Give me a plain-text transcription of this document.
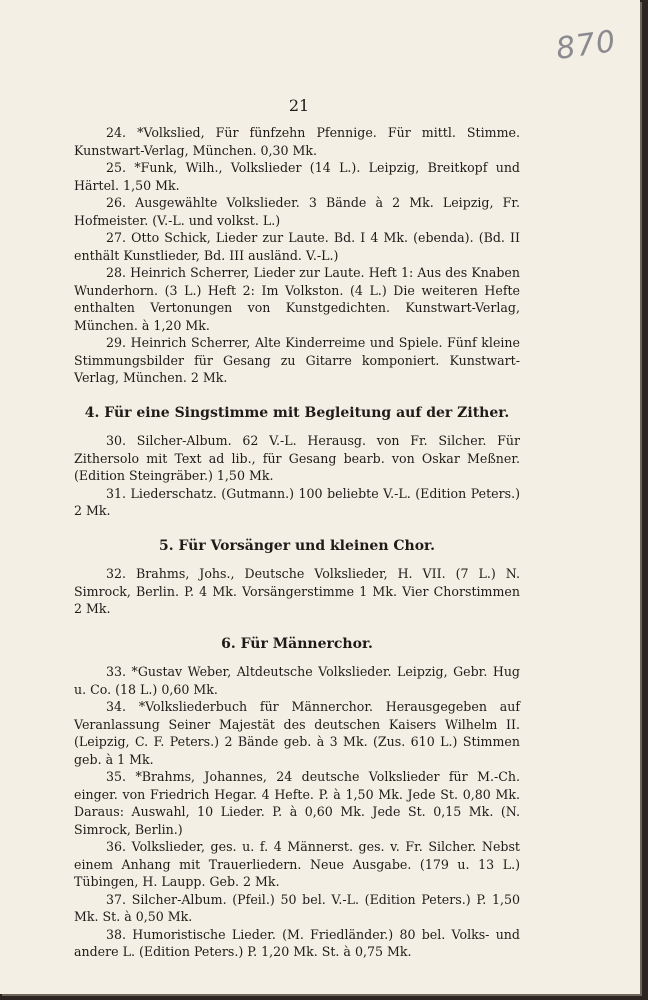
870
21

24. *Volkslied, Für fünfzehn Pfennige. Für mittl. Stimme. Kunstwart-Verlag, München. 0,30 Mk.

25. *Funk, Wilh., Volkslieder (14 L.). Leipzig, Breitkopf und Härtel. 1,50 Mk.

26. Ausgewählte Volkslieder. 3 Bände à 2 Mk. Leipzig, Fr. Hofmeister. (V.-L. und volkst. L.)

27. Otto Schick, Lieder zur Laute. Bd. I 4 Mk. (ebenda). (Bd. II enthält Kunstlieder, Bd. III ausländ. V.-L.)

28. Heinrich Scherrer, Lieder zur Laute. Heft 1: Aus des Knaben Wunderhorn. (3 L.) Heft 2: Im Volkston. (4 L.) Die weiteren Hefte enthalten Vertonungen von Kunstgedichten. Kunstwart-Verlag, München. à 1,20 Mk.

29. Heinrich Scherrer, Alte Kinderreime und Spiele. Fünf kleine Stimmungsbilder für Gesang zu Gitarre komponiert. Kunstwart-Verlag, München. 2 Mk.

4. Für eine Singstimme mit Begleitung auf der Zither.

30. Silcher-Album. 62 V.-L. Herausg. von Fr. Silcher. Für Zithersolo mit Text ad lib., für Gesang bearb. von Oskar Meßner. (Edition Steingräber.) 1,50 Mk.

31. Liederschatz. (Gutmann.) 100 beliebte V.-L. (Edition Peters.) 2 Mk.

5. Für Vorsänger und kleinen Chor.

32. Brahms, Johs., Deutsche Volkslieder, H. VII. (7 L.) N. Simrock, Berlin. P. 4 Mk. Vorsängerstimme 1 Mk. Vier Chorstimmen 2 Mk.

6. Für Männerchor.

33. *Gustav Weber, Altdeutsche Volkslieder. Leipzig, Gebr. Hug u. Co. (18 L.) 0,60 Mk.

34. *Volksliederbuch für Männerchor. Herausgegeben auf Veranlassung Seiner Majestät des deutschen Kaisers Wilhelm II. (Leipzig, C. F. Peters.) 2 Bände geb. à 3 Mk. (Zus. 610 L.) Stimmen geb. à 1 Mk.

35. *Brahms, Johannes, 24 deutsche Volkslieder für M.-Ch. einger. von Friedrich Hegar. 4 Hefte. P. à 1,50 Mk. Jede St. 0,80 Mk. Daraus: Auswahl, 10 Lieder. P. à 0,60 Mk. Jede St. 0,15 Mk. (N. Simrock, Berlin.)

36. Volkslieder, ges. u. f. 4 Männerst. ges. v. Fr. Silcher. Nebst einem Anhang mit Trauerliedern. Neue Ausgabe. (179 u. 13 L.) Tübingen, H. Laupp. Geb. 2 Mk.

37. Silcher-Album. (Pfeil.) 50 bel. V.-L. (Edition Peters.) P. 1,50 Mk. St. à 0,50 Mk.

38. Humoristische Lieder. (M. Friedländer.) 80 bel. Volks- und andere L. (Edition Peters.) P. 1,20 Mk. St. à 0,75 Mk.
